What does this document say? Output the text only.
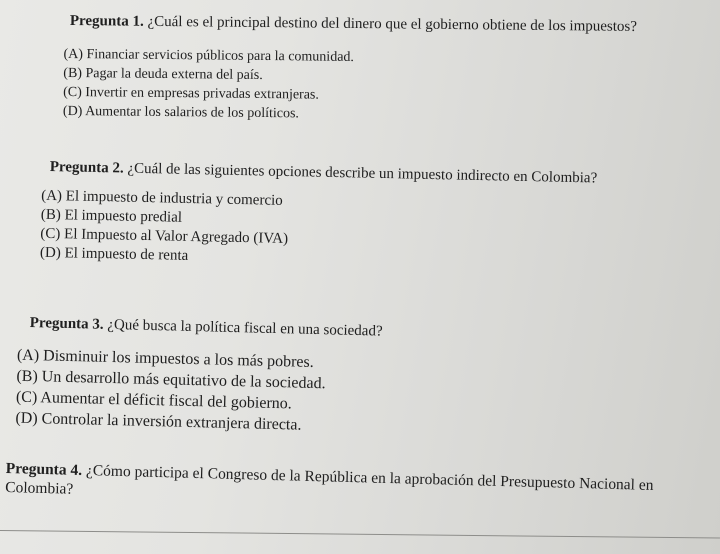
Pregunta 1. ¿Cuál es el principal destino del dinero que el gobierno obtiene de los impuestos?
(A) Financiar servicios públicos para la comunidad.
(B) Pagar la deuda externa del país.
(C) Invertir en empresas privadas extranjeras.
(D) Aumentar los salarios de los políticos.
Pregunta 2. ¿Cuál de las siguientes opciones describe un impuesto indirecto en Colombia?
(A) El impuesto de industria y comercio
(B) El impuesto predial
(C) El Impuesto al Valor Agregado (IVA)
(D) El impuesto de renta
Pregunta 3. ¿Qué busca la política fiscal en una sociedad?
(A) Disminuir los impuestos a los más pobres.
(B) Un desarrollo más equitativo de la sociedad.
(C) Aumentar el déficit fiscal del gobierno.
(D) Controlar la inversión extranjera directa.
Pregunta 4. ¿Cómo participa el Congreso de la República en la aprobación del Presupuesto Nacional en Colombia?
